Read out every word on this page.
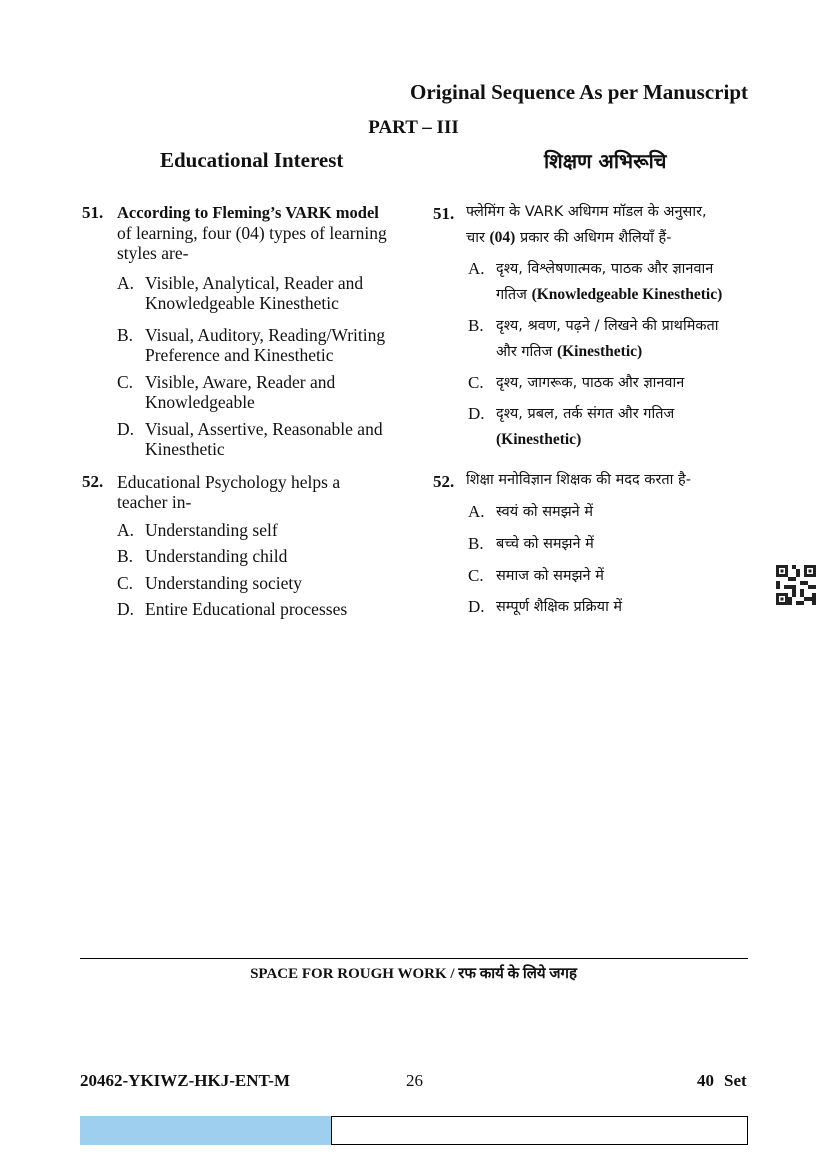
Original Sequence As per Manuscript
PART – III
Educational Interest	शिक्षण अभिरूचि
51. According to Fleming’s VARK model
of learning, four (04) types of learning
styles are-
A. Visible, Analytical, Reader and
Knowledgeable Kinesthetic
B. Visual, Auditory, Reading/Writing
Preference and Kinesthetic
C. Visible, Aware, Reader and
Knowledgeable
D. Visual, Assertive, Reasonable and
Kinesthetic
52. Educational Psychology helps a
teacher in-
A. Understanding self
B. Understanding child
C. Understanding society
D. Entire Educational processes
51. फ्लेमिंग के VARK अधिगम मॉडल के अनुसार,
चार (04) प्रकार की अधिगम शैलियाँ हैं-
A. दृश्य, विश्लेषणात्मक, पाठक और ज्ञानवान
गतिज (Knowledgeable Kinesthetic)
B. दृश्य, श्रवण, पढ़ने / लिखने की प्राथमिकता
और गतिज (Kinesthetic)
C. दृश्य, जागरूक, पाठक और ज्ञानवान
D. दृश्य, प्रबल, तर्क संगत और गतिज
(Kinesthetic)
52. शिक्षा मनोविज्ञान शिक्षक की मदद करता है-
A. स्वयं को समझने में
B. बच्चे को समझने में
C. समाज को समझने में
D. सम्पूर्ण शैक्षिक प्रक्रिया में
SPACE FOR ROUGH WORK / रफ कार्य के लिये जगह
20462-YKIWZ-HKJ-ENT-M	26	40 Set
